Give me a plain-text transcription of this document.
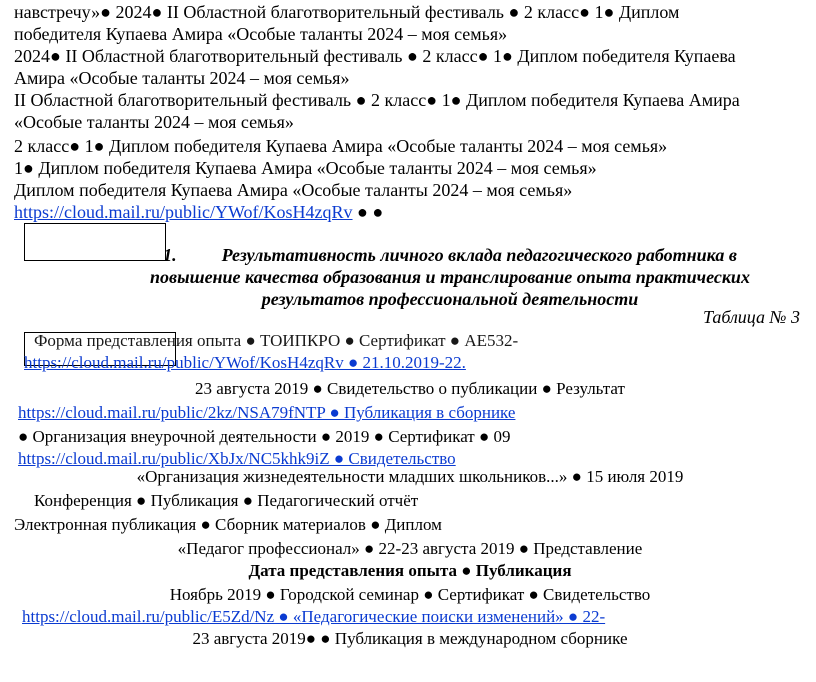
навстречу»● 2024● II Областной благотворительный фестиваль ● 2 класс● 1● Диплом
победителя Купаева Амира «Особые таланты 2024 – моя семья»
2024● II Областной благотворительный фестиваль ● 2 класс● 1● Диплом победителя Купаева
Амира «Особые таланты 2024 – моя семья»
II Областной благотворительный фестиваль ● 2 класс● 1● Диплом победителя Купаева Амира
«Особые таланты 2024 – моя семья»
2 класс● 1● Диплом победителя Купаева Амира «Особые таланты 2024 – моя семья»
1● Диплом победителя Купаева Амира «Особые таланты 2024 – моя семья»
Диплом победителя Купаева Амира «Особые таланты 2024 – моя семья»
https://cloud.mail.ru/public/YWof/KosH4zqRv ● ●
1.	Результативность личного вклада педагогического работника в повышение качества образования и транслирование опыта практических результатов профессиональной деятельности
Таблица № 3
Форма представления опыта ● ТОИПКРО ● Сертификат ● АЕ532-
https://cloud.mail.ru/public/YWof/KosH4zqRv ● 21.10.2019-22.
23 августа 2019 ● Свидетельство о публикации ● Результат
https://cloud.mail.ru/public/2kz/NSA79fNTP ● Публикация в сборнике
● Организация внеурочной деятельности ● 2019 ● Сертификат ● 09
https://cloud.mail.ru/public/XbJx/NC5khk9iZ ● Свидетельство
«Организация жизнедеятельности младших школьников...» ● 15 июля 2019
Конференция ● Публикация ● Педагогический отчёт
Электронная публикация ● Сборник материалов ● Диплом
«Педагог профессионал» ● 22-23 августа 2019 ● Представление
Дата представления опыта ● Публикация
Ноябрь 2019 ● Городской семинар ● Сертификат ● Свидетельство
https://cloud.mail.ru/public/E5Zd/Nz ● «Педагогические поиски изменений» ● 22-
23 августа 2019● ● Публикация в международном сборнике
